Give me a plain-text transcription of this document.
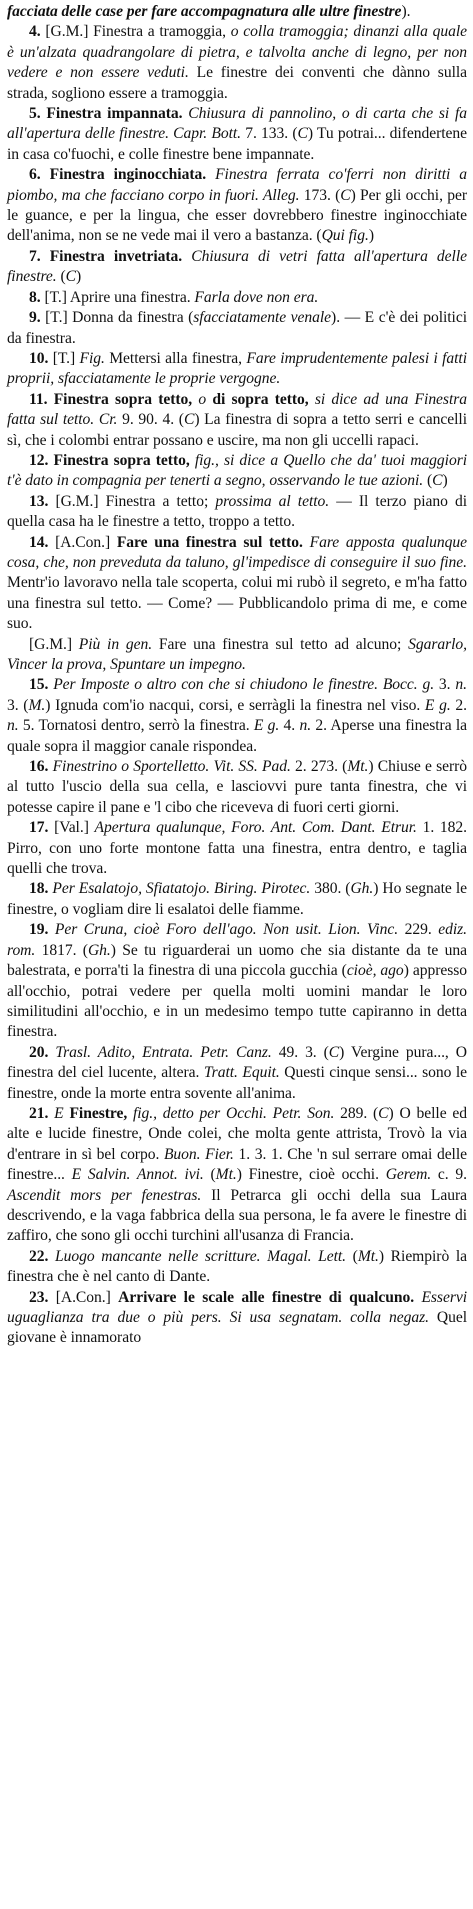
facciata delle case per fare accompagnatura alle ultre finestre).

4. [G.M.] Finestra a tramoggia, o colla tramoggia; dinanzi alla quale è un'alzata quadrangolare di pietra, e talvolta anche di legno, per non vedere e non essere veduti. Le finestre dei conventi che dànno sulla strada, sogliono essere a tramoggia.

5. Finestra impannata. Chiusura di pannolino, o di carta che si fa all'apertura delle finestre. Capr. Bott. 7. 133. (C) Tu potrai... difendertene in casa co'fuochi, e colle finestre bene impannate.

6. Finestra inginocchiata. Finestra ferrata co'ferri non diritti a piombo, ma che facciano corpo in fuori. Alleg. 173. (C) Per gli occhi, per le guance, e per la lingua, che esser dovrebbero finestre inginocchiate dell'anima, non se ne vede mai il vero a bastanza. (Qui fig.)

7. Finestra invetriata. Chiusura di vetri fatta all'apertura delle finestre. (C)

8. [T.] Aprire una finestra. Farla dove non era.

9. [T.] Donna da finestra (sfacciatamente venale). — E c'è dei politici da finestra.

10. [T.] Fig. Mettersi alla finestra, Fare imprudentemente palesi i fatti proprii, sfacciatamente le proprie vergogne.

11. Finestra sopra tetto, o di sopra tetto, si dice ad una Finestra fatta sul tetto. Cr. 9. 90. 4. (C) La finestra di sopra a tetto serri e cancelli sì, che i colombi entrar possano e uscire, ma non gli uccelli rapaci.

12. Finestra sopra tetto, fig., si dice a Quello che da' tuoi maggiori t'è dato in compagnia per tenerti a segno, osservando le tue azioni. (C)

13. [G.M.] Finestra a tetto; prossima al tetto. — Il terzo piano di quella casa ha le finestre a tetto, troppo a tetto.

14. [A.Con.] Fare una finestra sul tetto. Fare apposta qualunque cosa, che, non preveduta da taluno, gl'impedisce di conseguire il suo fine. Mentr'io lavoravo nella tale scoperta, colui mi rubò il segreto, e m'ha fatto una finestra sul tetto. — Come? — Pubblicandolo prima di me, e come suo.

[G.M.] Più in gen. Fare una finestra sul tetto ad alcuno; Sgararlo, Vincer la prova, Spuntare un impegno.

15. Per Imposte o altro con che si chiudono le finestre. Bocc. g. 3. n. 3. (M.) Ignuda com'io nacqui, corsi, e serràgli la finestra nel viso. E g. 2. n. 5. Tornatosi dentro, serrò la finestra. E g. 4. n. 2. Aperse una finestra la quale sopra il maggior canale rispondea.

16. Finestrino o Sportelletto. Vit. SS. Pad. 2. 273. (Mt.) Chiuse e serrò al tutto l'uscio della sua cella, e lasciovvi pure tanta finestra, che vi potesse capire il pane e 'l cibo che riceveva di fuori certi giorni.

17. [Val.] Apertura qualunque, Foro. Ant. Com. Dant. Etrur. 1. 182. Pirro, con uno forte montone fatta una finestra, entra dentro, e taglia quelli che trova.

18. Per Esalatojo, Sfiatatojo. Biring. Pirotec. 380. (Gh.) Ho segnate le finestre, o vogliam dire li esalatoi delle fiamme.

19. Per Cruna, cioè Foro dell'ago. Non usit. Lion. Vinc. 229. ediz. rom. 1817. (Gh.) Se tu riguarderai un uomo che sia distante da te una balestrata, e porra'ti la finestra di una piccola gucchia (cioè, ago) appresso all'occhio, potrai vedere per quella molti uomini mandar le loro similitudini all'occhio, e in un medesimo tempo tutte capiranno in detta finestra.

20. Trasl. Adito, Entrata. Petr. Canz. 49. 3. (C) Vergine pura..., O finestra del ciel lucente, altera. Tratt. Equit. Questi cinque sensi... sono le finestre, onde la morte entra sovente all'anima.

21. E Finestre, fig., detto per Occhi. Petr. Son. 289. (C) O belle ed alte e lucide finestre, Onde colei, che molta gente attrista, Trovò la via d'entrare in sì bel corpo. Buon. Fier. 1. 3. 1. Che 'n sul serrare omai delle finestre... E Salvin. Annot. ivi. (Mt.) Finestre, cioè occhi. Gerem. c. 9. Ascendit mors per fenestras. Il Petrarca gli occhi della sua Laura descrivendo, e la vaga fabbrica della sua persona, le fa avere le finestre di zaffiro, che sono gli occhi turchini all'usanza di Francia.

22. Luogo mancante nelle scritture. Magal. Lett. (Mt.) Riempirò la finestra che è nel canto di Dante.

23. [A.Con.] Arrivare le scale alle finestre di qualcuno. Esservi uguaglianza tra due o più pers. Si usa segnatam. colla negaz. Quel giovane è innamorato
